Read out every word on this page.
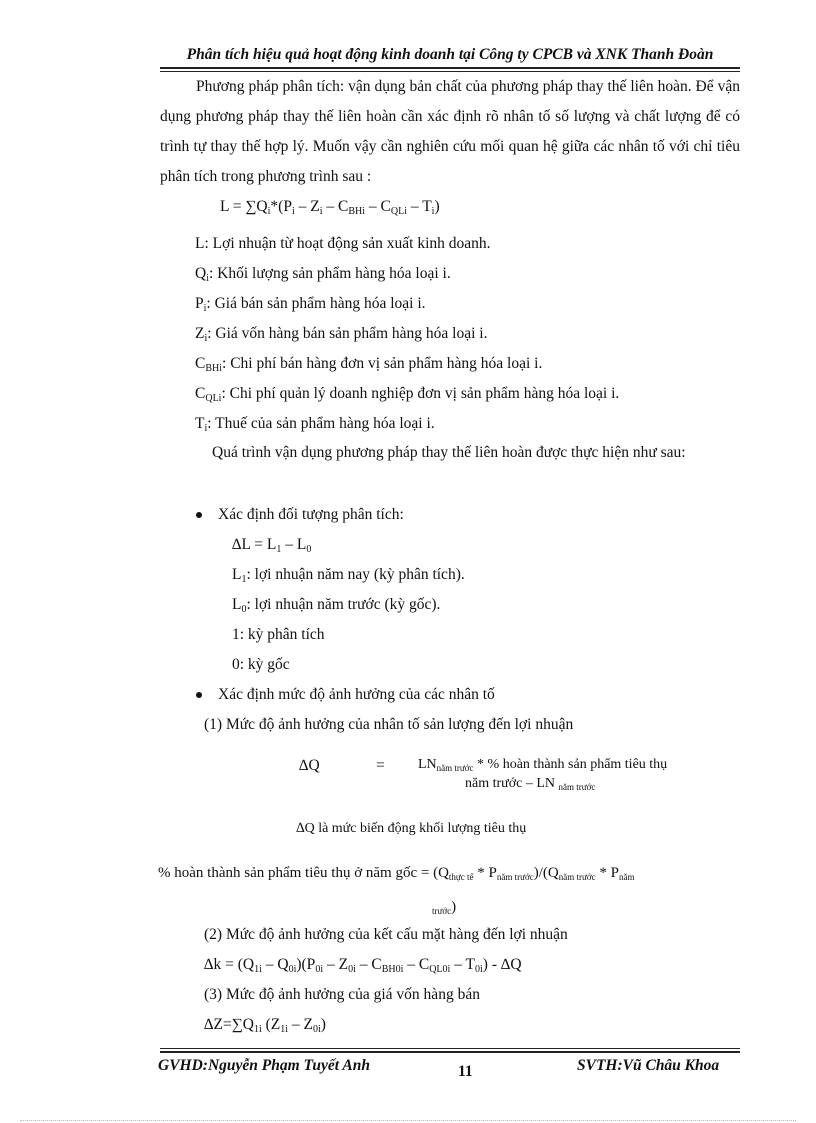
Phân tích hiệu quả hoạt động kinh doanh tại Công ty CPCB và XNK Thanh Đoàn
Phương pháp phân tích: vận dụng bản chất của phương pháp thay thế liên hoàn. Để vận dụng phương pháp thay thế liên hoàn cần xác định rõ nhân tố số lượng và chất lượng để có trình tự thay thế hợp lý. Muốn vậy cần nghiên cứu mối quan hệ giữa các nhân tố với chỉ tiêu phân tích trong phương trình sau :
$L = \sum Q_i*(P_i - Z_i - C_{BHi} - C_{QLi} - T_i)$
L: Lợi nhuận từ hoạt động sản xuất kinh doanh.
$Q_i$: Khối lượng sản phẩm hàng hóa loại i.
$P_i$: Giá bán sản phẩm hàng hóa loại i.
$Z_i$: Giá vốn hàng bán sản phẩm hàng hóa loại i.
$C_{BHi}$: Chi phí bán hàng đơn vị sản phẩm hàng hóa loại i.
$C_{QLi}$: Chi phí quản lý doanh nghiệp đơn vị sản phẩm hàng hóa loại i.
$T_i$: Thuế của sản phẩm hàng hóa loại i.
Quá trình vận dụng phương pháp thay thế liên hoàn được thực hiện như sau:
Xác định đối tượng phân tích:
$\Delta L = L_1 - L_0$
$L_1$: lợi nhuận năm nay (kỳ phân tích).
$L_0$: lợi nhuận năm trước (kỳ gốc).
1: kỳ phân tích
0: kỳ gốc
Xác định mức độ ảnh hưởng của các nhân tố
(1) Mức độ ảnh hưởng của nhân tố sản lượng đến lợi nhuận
∆Q	= $LN_{năm trước}$ * % hoàn thành sản phẩm tiêu thụ
năm trước – LN $_{năm trước}$
∆Q là mức biến động khối lượng tiêu thụ
% hoàn thành sản phẩm tiêu thụ ở năm gốc = $(Q_{thực tế} * P_{năm trước})/(Q_{năm trước} * P_{năm}$
$_{trước}$)
(2) Mức độ ảnh hưởng của kết cấu mặt hàng đến lợi nhuận
$\Delta k = (Q_{1i} - Q_{0i})(P_{0i} - Z_{0i} - C_{BH0i} - C_{QL0i} - T_{0i}) - \Delta Q$
(3) Mức độ ảnh hưởng của giá vốn hàng bán
$\Delta Z=\sum Q_{1i}$ $(Z_{1i} - Z_{0i})$
GVHD:Nguyễn Phạm Tuyết Anh	11	SVTH:Vũ Châu Khoa
